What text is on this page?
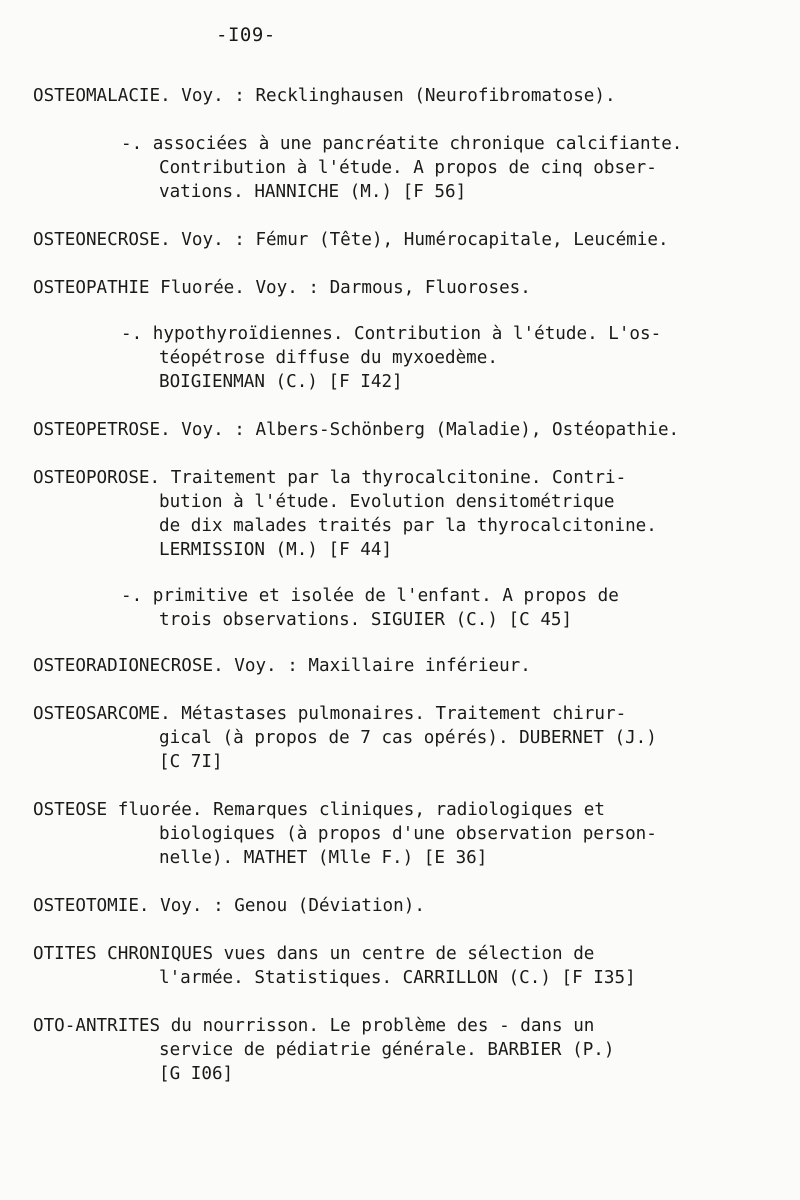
-I09-
OSTEOMALACIE. Voy. : Recklinghausen (Neurofibromatose).
-. associées à une pancréatite chronique calcifiante.
Contribution à l'étude. A propos de cinq obser-
vations. HANNICHE (M.) [F 56]
OSTEONECROSE. Voy. : Fémur (Tête), Humérocapitale, Leucémie.
OSTEOPATHIE Fluorée. Voy. : Darmous, Fluoroses.
-. hypothyroïdiennes. Contribution à l'étude. L'os-
téopétrose diffuse du myxoedème.
BOIGIENMAN (C.) [F I42]
OSTEOPETROSE. Voy. : Albers-Schönberg (Maladie), Ostéopathie.
OSTEOPOROSE. Traitement par la thyrocalcitonine. Contri-
bution à l'étude. Evolution densitométrique
de dix malades traités par la thyrocalcitonine.
LERMISSION (M.) [F 44]
-. primitive et isolée de l'enfant. A propos de
trois observations. SIGUIER (C.) [C 45]
OSTEORADIONECROSE. Voy. : Maxillaire inférieur.
OSTEOSARCOME. Métastases pulmonaires. Traitement chirur-
gical (à propos de 7 cas opérés). DUBERNET (J.)
[C 7I]
OSTEOSE fluorée. Remarques cliniques, radiologiques et
biologiques (à propos d'une observation person-
nelle). MATHET (Mlle F.) [E 36]
OSTEOTOMIE. Voy. : Genou (Déviation).
OTITES CHRONIQUES vues dans un centre de sélection de
l'armée. Statistiques. CARRILLON (C.) [F I35]
OTO-ANTRITES du nourrisson. Le problème des - dans un
service de pédiatrie générale. BARBIER (P.)
[G I06]
